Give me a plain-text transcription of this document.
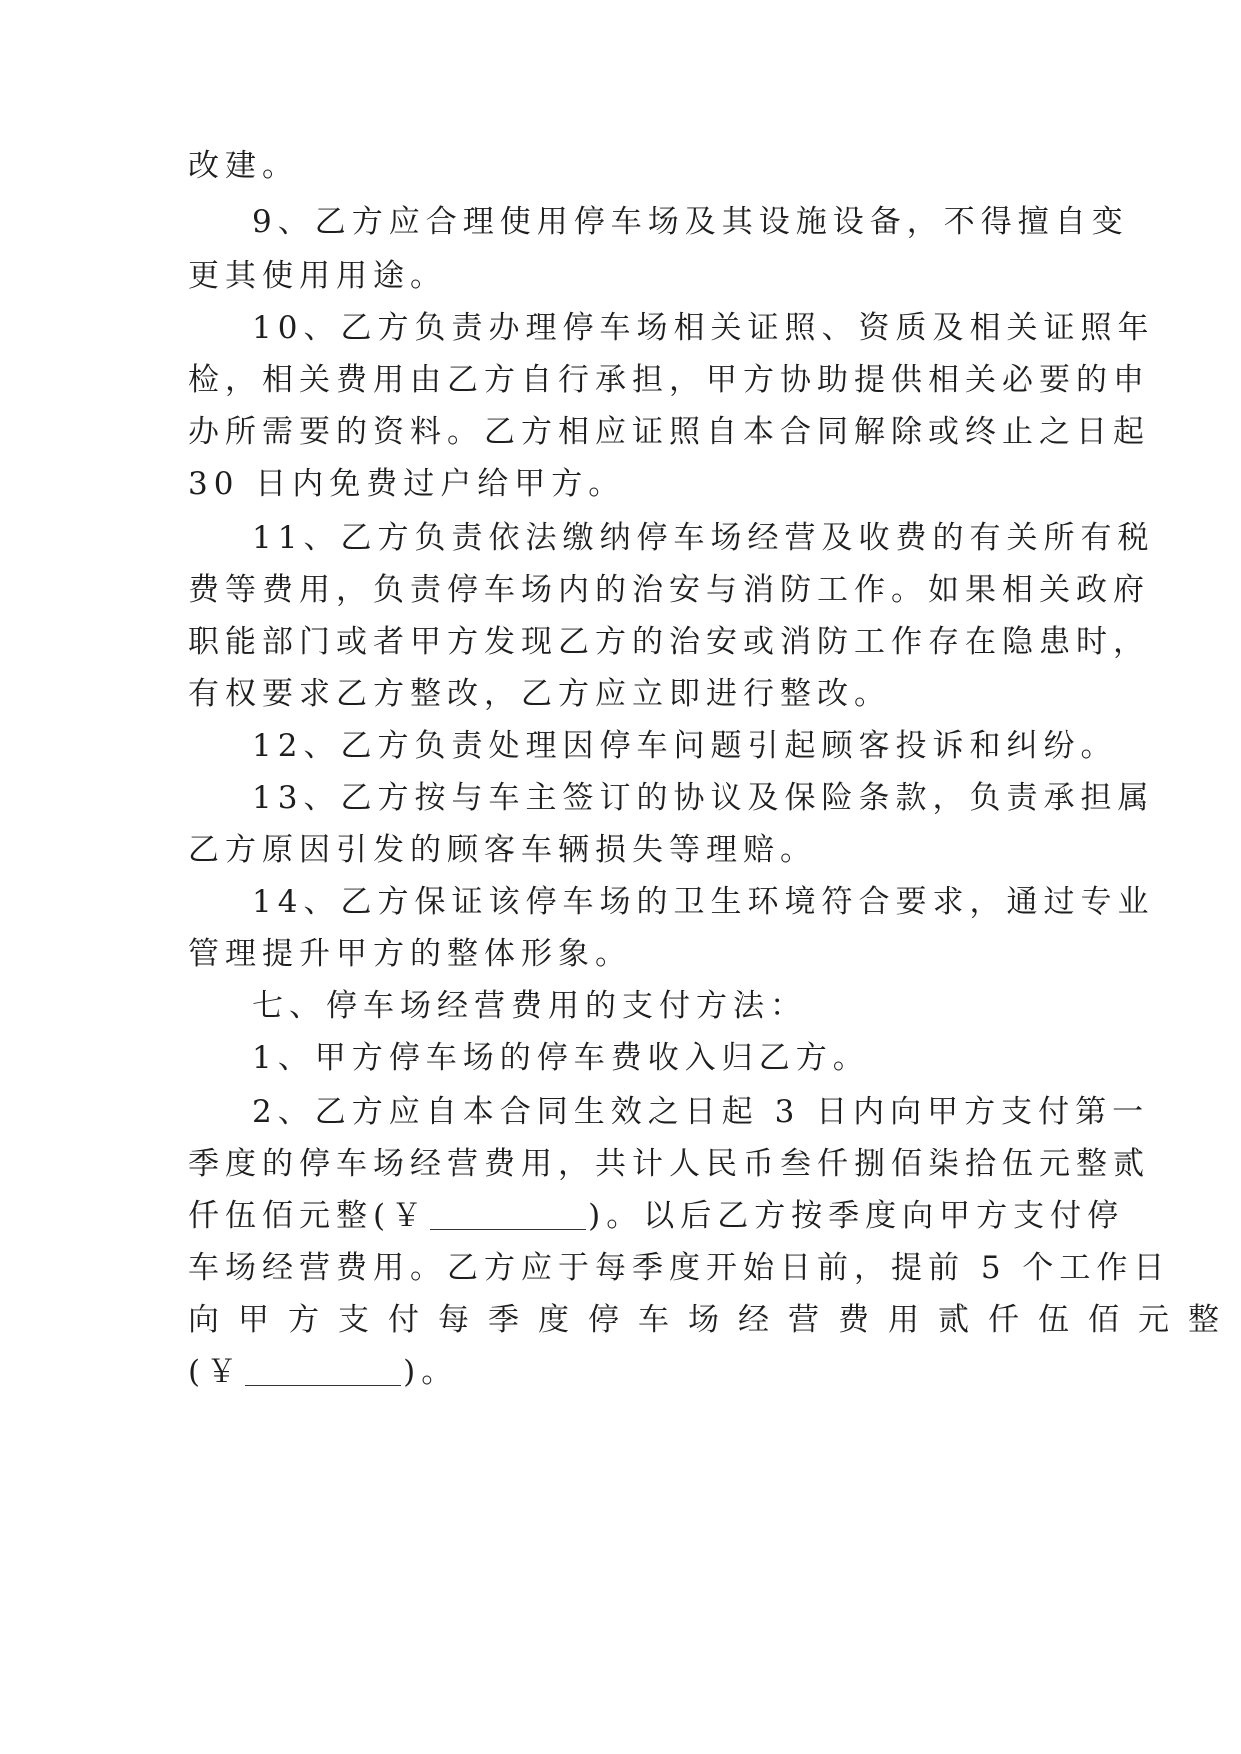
改建。
9、乙方应合理使用停车场及其设施设备，不得擅自变
更其使用用途。
10、乙方负责办理停车场相关证照、资质及相关证照年
检，相关费用由乙方自行承担，甲方协助提供相关必要的申
办所需要的资料。乙方相应证照自本合同解除或终止之日起
30 日内免费过户给甲方。
11、乙方负责依法缴纳停车场经营及收费的有关所有税
费等费用，负责停车场内的治安与消防工作。如果相关政府
职能部门或者甲方发现乙方的治安或消防工作存在隐患时，
有权要求乙方整改，乙方应立即进行整改。
12、乙方负责处理因停车问题引起顾客投诉和纠纷。
13、乙方按与车主签订的协议及保险条款，负责承担属
乙方原因引发的顾客车辆损失等理赔。
14、乙方保证该停车场的卫生环境符合要求，通过专业
管理提升甲方的整体形象。
七、停车场经营费用的支付方法：
1、甲方停车场的停车费收入归乙方。
2、乙方应自本合同生效之日起 3 日内向甲方支付第一
季度的停车场经营费用，共计人民币叁仟捌佰柒拾伍元整贰
仟伍佰元整(￥	)。以后乙方按季度向甲方支付停
车场经营费用。乙方应于每季度开始日前，提前 5 个工作日
向甲方支付每季度停车场经营费用贰仟伍佰元整
(￥	)。
